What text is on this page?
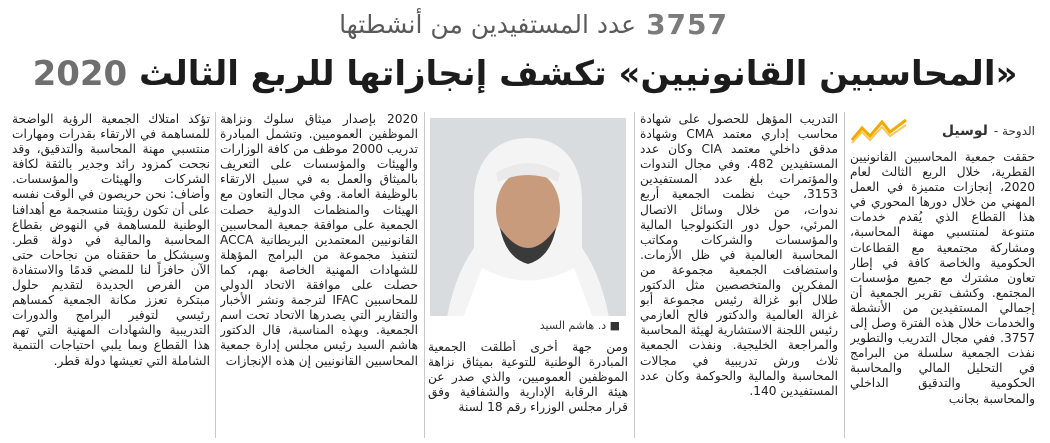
3757
عدد المستفيدين من أنشطتها
«المحاسبين القانونيين» تكشف إنجازاتها للربع الثالث 2020
الدوحة -
لوسيل

حققت جمعية المحاسبين القانونيين القطرية، خلال الربع الثالث لعام 2020، إنجازات متميزة في العمل المهني من خلال دورها المحوري في هذا القطاع الذي يُقدم خدمات متنوعة لمنتسبي مهنة المحاسبة، ومشاركة مجتمعية مع القطاعات الحكومية والخاصة كافة في إطار تعاون مشترك مع جميع مؤسسات المجتمع. وكشف تقرير الجمعية أن إجمالي المستفيدين من الأنشطة والخدمات خلال هذه الفترة وصل إلى 3757. ففي مجال التدريب والتطوير نفذت الجمعية سلسلة من البرامج في التحليل المالي والمحاسبة الحكومية والتدقيق الداخلي والمحاسبة بجانب

التدريب المؤهل للحصول على شهادة محاسب إداري معتمد CMA وشهادة مدقق داخلي معتمد CIA وكان عدد المستفيدين 482. وفي مجال الندوات والمؤتمرات بلغ عدد المستفيدين 3153، حيث نظمت الجمعية أربع ندوات، من خلال وسائل الاتصال المرئي، حول دور التكنولوجيا المالية والمؤسسات والشركات ومكاتب المحاسبة العالمية في ظل الأزمات. واستضافت الجمعية مجموعة من المفكرين والمتخصصين مثل الدكتور طلال أبو غزالة رئيس مجموعة أبو غزالة العالمية والدكتور فالح العازمي رئيس اللجنة الاستشارية لهيئة المحاسبة والمراجعة الخليجية. ونفذت الجمعية ثلاث ورش تدريبية في مجالات المحاسبة والمالية والحوكمة وكان عدد المستفيدين 140.

■ د. هاشم السيد

ومن جهة أخرى أطلقت الجمعية المبادرة الوطنية للتوعية بميثاق نزاهة الموظفين العموميين، والذي صدر عن هيئة الرقابة الإدارية والشفافية وفق قرار مجلس الوزراء رقم 18 لسنة

2020 بإصدار ميثاق سلوك ونزاهة الموظفين العموميين. وتشمل المبادرة تدريب 2000 موظف من كافة الوزارات والهيئات والمؤسسات على التعريف بالميثاق والعمل به في سبيل الارتقاء بالوظيفة العامة. وفي مجال التعاون مع الهيئات والمنظمات الدولية حصلت الجمعية على موافقة جمعية المحاسبين القانونيين المعتمدين البريطانية ACCA لتنفيذ مجموعة من البرامج المؤهلة للشهادات المهنية الخاصة بهم، كما حصلت على موافقة الاتحاد الدولي للمحاسبين IFAC لترجمة ونشر الأخبار والتقارير التي يصدرها الاتحاد تحت اسم الجمعية. وبهذه المناسبة، قال الدكتور هاشم السيد رئيس مجلس إدارة جمعية المحاسبين القانونيين إن هذه الإنجازات

تؤكد امتلاك الجمعية الرؤية الواضحة للمساهمة في الارتقاء بقدرات ومهارات منتسبي مهنة المحاسبة والتدقيق، وقد نجحت كمزود رائد وجدير بالثقة لكافة الشركات والهيئات والمؤسسات. وأضاف: نحن حريصون في الوقت نفسه على أن تكون رؤيتنا منسجمة مع أهدافنا الوطنية للمساهمة في النهوض بقطاع المحاسبة والمالية في دولة قطر. وسيشكل ما حققناه من نجاحات حتى الآن حافزاً لنا للمضي قدمًا والاستفادة من الفرص الجديدة لتقديم حلول مبتكرة تعزز مكانة الجمعية كمساهم رئيسي لتوفير البرامج والدورات التدريبية والشهادات المهنية التي تهم هذا القطاع وبما يلبي احتياجات التنمية الشاملة التي تعيشها دولة قطر.
